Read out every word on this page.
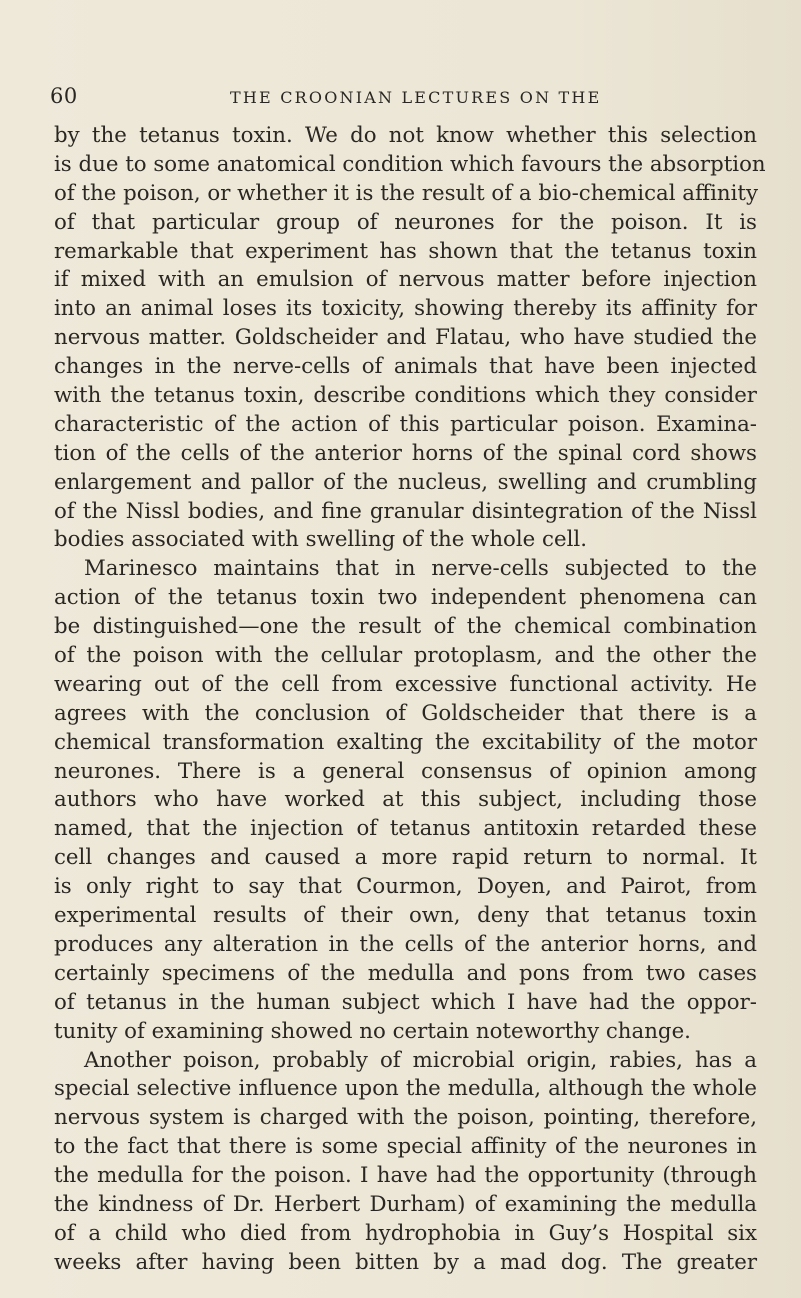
60	THE CROONIAN LECTURES ON THE
by the tetanus toxin. We do not know whether this selection
is due to some anatomical condition which favours the absorption
of the poison, or whether it is the result of a bio-chemical affinity
of that particular group of neurones for the poison. It is
remarkable that experiment has shown that the tetanus toxin
if mixed with an emulsion of nervous matter before injection
into an animal loses its toxicity, showing thereby its affinity for
nervous matter. Goldscheider and Flatau, who have studied the
changes in the nerve-cells of animals that have been injected
with the tetanus toxin, describe conditions which they consider
characteristic of the action of this particular poison. Examina-
tion of the cells of the anterior horns of the spinal cord shows
enlargement and pallor of the nucleus, swelling and crumbling
of the Nissl bodies, and fine granular disintegration of the Nissl
bodies associated with swelling of the whole cell.
Marinesco maintains that in nerve-cells subjected to the
action of the tetanus toxin two independent phenomena can
be distinguished—one the result of the chemical combination
of the poison with the cellular protoplasm, and the other the
wearing out of the cell from excessive functional activity. He
agrees with the conclusion of Goldscheider that there is a
chemical transformation exalting the excitability of the motor
neurones. There is a general consensus of opinion among
authors who have worked at this subject, including those
named, that the injection of tetanus antitoxin retarded these
cell changes and caused a more rapid return to normal. It
is only right to say that Courmon, Doyen, and Pairot, from
experimental results of their own, deny that tetanus toxin
produces any alteration in the cells of the anterior horns, and
certainly specimens of the medulla and pons from two cases
of tetanus in the human subject which I have had the oppor-
tunity of examining showed no certain noteworthy change.
Another poison, probably of microbial origin, rabies, has a
special selective influence upon the medulla, although the whole
nervous system is charged with the poison, pointing, therefore,
to the fact that there is some special affinity of the neurones in
the medulla for the poison. I have had the opportunity (through
the kindness of Dr. Herbert Durham) of examining the medulla
of a child who died from hydrophobia in Guy’s Hospital six
weeks after having been bitten by a mad dog. The greater
